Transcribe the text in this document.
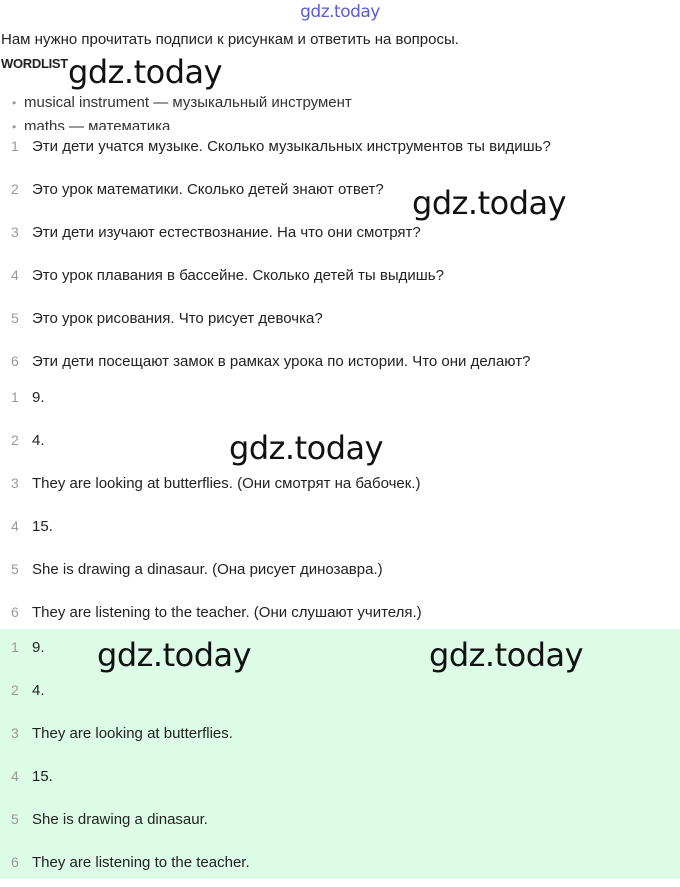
gdz.today
Нам нужно прочитать подписи к рисункам и ответить на вопросы.
WORDLIST
• musical instrument — музыкальный инструмент
• maths — математика
1 Эти дети учатся музыке. Сколько музыкальных инструментов ты видишь?
2 Это урок математики. Сколько детей знают ответ?
3 Эти дети изучают естествознание. На что они смотрят?
4 Это урок плавания в бассейне. Сколько детей ты выдишь?
5 Это урок рисования. Что рисует девочка?
6 Эти дети посещают замок в рамках урока по истории. Что они делают?
1 9.
2 4.
3 They are looking at butterflies. (Они смотрят на бабочек.)
4 15.
5 She is drawing a dinasaur. (Она рисует динозавра.)
6 They are listening to the teacher. (Они слушают учителя.)
1 9.
2 4.
3 They are looking at butterflies.
4 15.
5 She is drawing a dinasaur.
6 They are listening to the teacher.
gdz.today
gdz.today
gdz.today
gdz.today	gdz.today
